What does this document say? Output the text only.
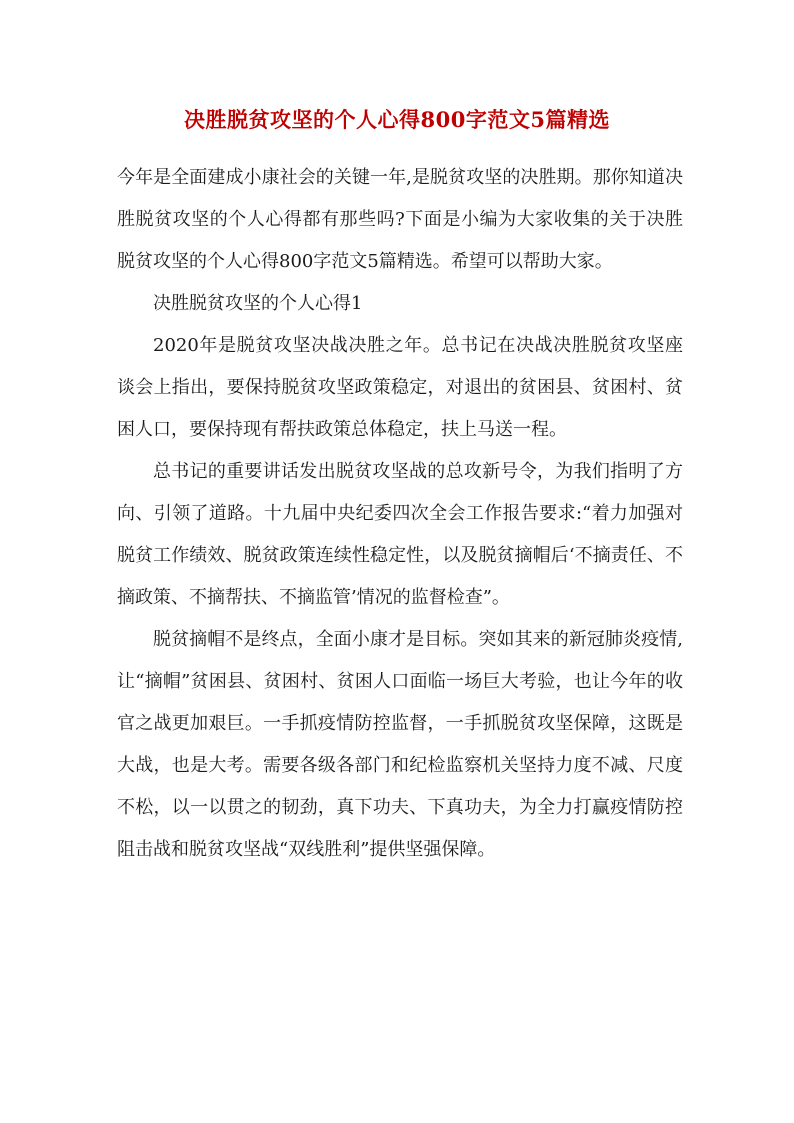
决胜脱贫攻坚的个人心得800字范文5篇精选

今年是全面建成小康社会的关键一年,是脱贫攻坚的决胜期。那你知道决胜脱贫攻坚的个人心得都有那些吗?下面是小编为大家收集的关于决胜脱贫攻坚的个人心得800字范文5篇精选。希望可以帮助大家。

决胜脱贫攻坚的个人心得1

2020年是脱贫攻坚决战决胜之年。总书记在决战决胜脱贫攻坚座谈会上指出，要保持脱贫攻坚政策稳定，对退出的贫困县、贫困村、贫困人口，要保持现有帮扶政策总体稳定，扶上马送一程。

总书记的重要讲话发出脱贫攻坚战的总攻新号令，为我们指明了方向、引领了道路。十九届中央纪委四次全会工作报告要求:“着力加强对脱贫工作绩效、脱贫政策连续性稳定性，以及脱贫摘帽后‘不摘责任、不摘政策、不摘帮扶、不摘监管’情况的监督检查”。

脱贫摘帽不是终点，全面小康才是目标。突如其来的新冠肺炎疫情,让“摘帽”贫困县、贫困村、贫困人口面临一场巨大考验，也让今年的收官之战更加艰巨。一手抓疫情防控监督，一手抓脱贫攻坚保障，这既是大战，也是大考。需要各级各部门和纪检监察机关坚持力度不减、尺度不松，以一以贯之的韧劲，真下功夫、下真功夫，为全力打赢疫情防控阻击战和脱贫攻坚战“双线胜利”提供坚强保障。
